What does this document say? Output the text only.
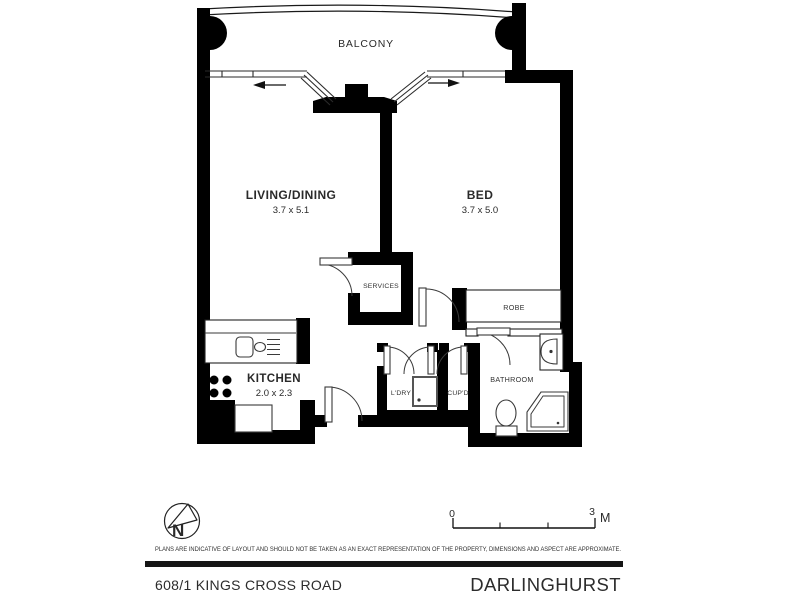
BALCONY
LIVING/DINING
3.7 x 5.1
BED
3.7 x 5.0
SERVICES
ROBE
KITCHEN
2.0 x 2.3	L'DRY	CUP'D
BATHROOM
N
0	3 M
PLANS ARE INDICATIVE OF LAYOUT AND SHOULD NOT BE TAKEN AS AN EXACT REPRESENTATION OF THE PROPERTY, DIMENSIONS AND ASPECT ARE APPROXIMATE.
608/1 KINGS CROSS ROAD	DARLINGHURST
